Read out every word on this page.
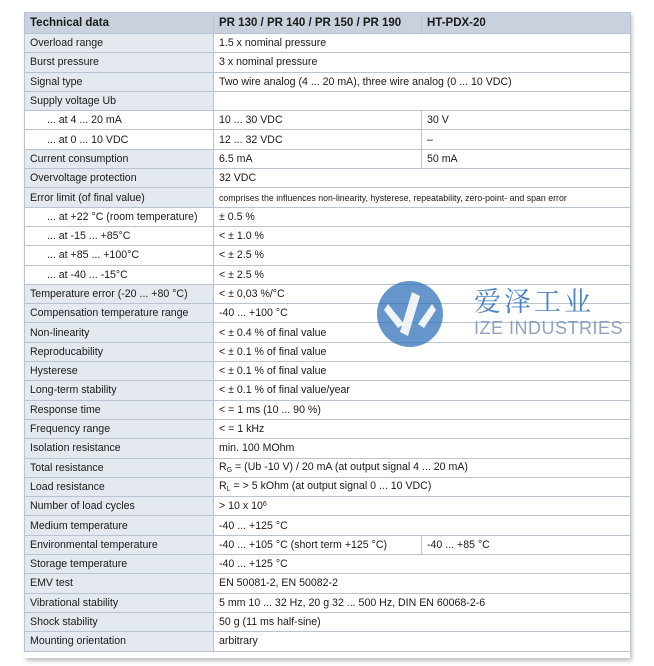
Technical data	PR 130 / PR 140 / PR 150 / PR 190	HT-PDX-20
Overload range	1.5 x nominal pressure	
Burst pressure	3 x nominal pressure	
Signal type	Two wire analog (4 ... 20 mA), three wire analog (0 ... 10 VDC)	
Supply voltage Ub		
... at 4 ... 20 mA	10 ... 30 VDC	30 V
... at 0 ... 10 VDC	12 ... 32 VDC	–
Current consumption	6.5 mA	50 mA
Overvoltage protection	32 VDC	
Error limit (of final value)	comprises the influences non-linearity, hysterese, repeatability, zero-point- and span error	
... at +22 °C (room temperature)	± 0.5 %	
... at -15 ... +85°C	< ± 1.0 %	
... at +85 ... +100°C	< ± 2.5 %	
... at -40 ... -15°C	< ± 2.5 %	
Temperature error (-20 ... +80 °C)	< ± 0,03 %/°C	
Compensation temperature range	-40 ... +100 °C	
Non-linearity	< ± 0.4 % of final value	
Reproducability	< ± 0.1 % of final value	
Hysterese	< ± 0.1 % of final value	
Long-term stability	< ± 0.1 % of final value/year	
Response time	< = 1 ms (10 ... 90 %)	
Frequency range	< = 1 kHz	
Isolation resistance	min. 100 MOhm	
Total resistance	$R_G = (Ub$ -10 V) / 20 mA (at output signal 4 ... 20 mA)	
Load resistance	$R_L$ = > 5 kOhm (at output signal 0 ... 10 VDC)	
Number of load cycles	> 10 x $10^6$
Medium temperature	-40 ... +125 °C	
Environmental temperature	-40 ... +105 °C (short term +125 °C)	-40 ... +85 °C
Storage temperature	-40 ... +125 °C	
EMV test	EN 50081-2, EN 50082-2	
Vibrational stability	5 mm 10 ... 32 Hz, 20 g 32 ... 500 Hz, DIN EN 60068-2-6	
Shock stability	50 g (11 ms half-sine)	
Mounting orientation	arbitrary	
爱泽工业
IZE INDUSTRIES
